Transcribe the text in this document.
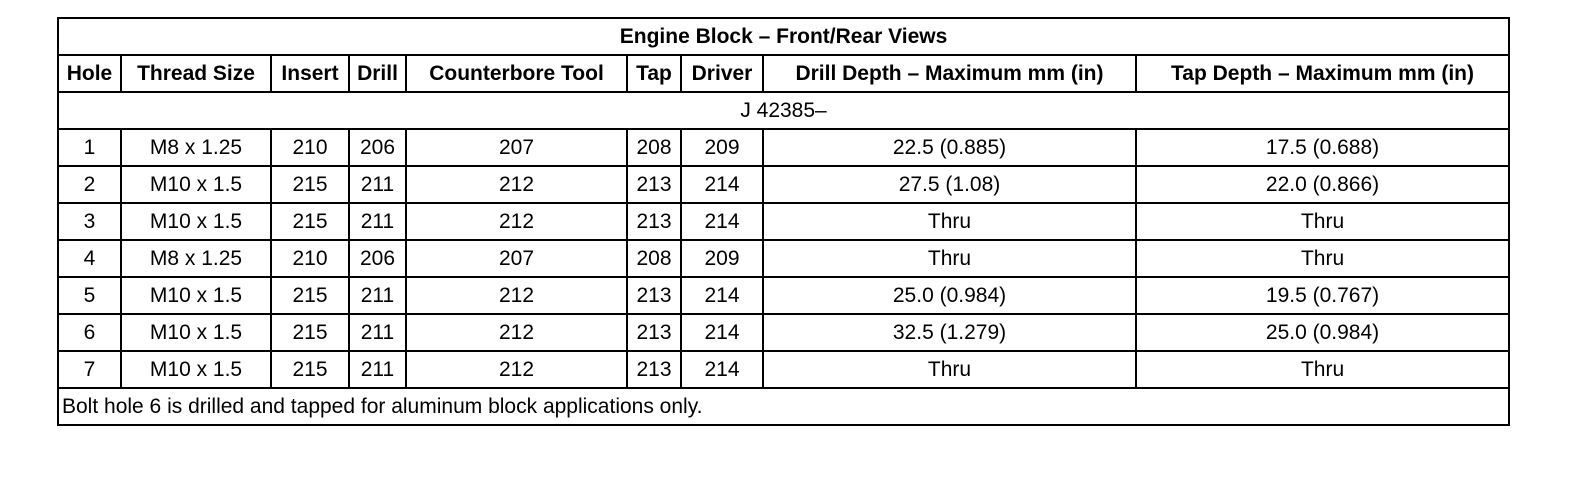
Engine Block – Front/Rear Views								
Hole	Thread Size	Insert	Drill	Counterbore Tool	Tap	Driver	Drill Depth – Maximum mm (in)	Tap Depth – Maximum mm (in)
J 42385–								
1	M8 x 1.25	210	206	207	208	209	22.5 (0.885)	17.5 (0.688)
2	M10 x 1.5	215	211	212	213	214	27.5 (1.08)	22.0 (0.866)
3	M10 x 1.5	215	211	212	213	214	Thru	Thru
4	M8 x 1.25	210	206	207	208	209	Thru	Thru
5	M10 x 1.5	215	211	212	213	214	25.0 (0.984)	19.5 (0.767)
6	M10 x 1.5	215	211	212	213	214	32.5 (1.279)	25.0 (0.984)
7	M10 x 1.5	215	211	212	213	214	Thru	Thru
Bolt hole 6 is drilled and tapped for aluminum block applications only.								
